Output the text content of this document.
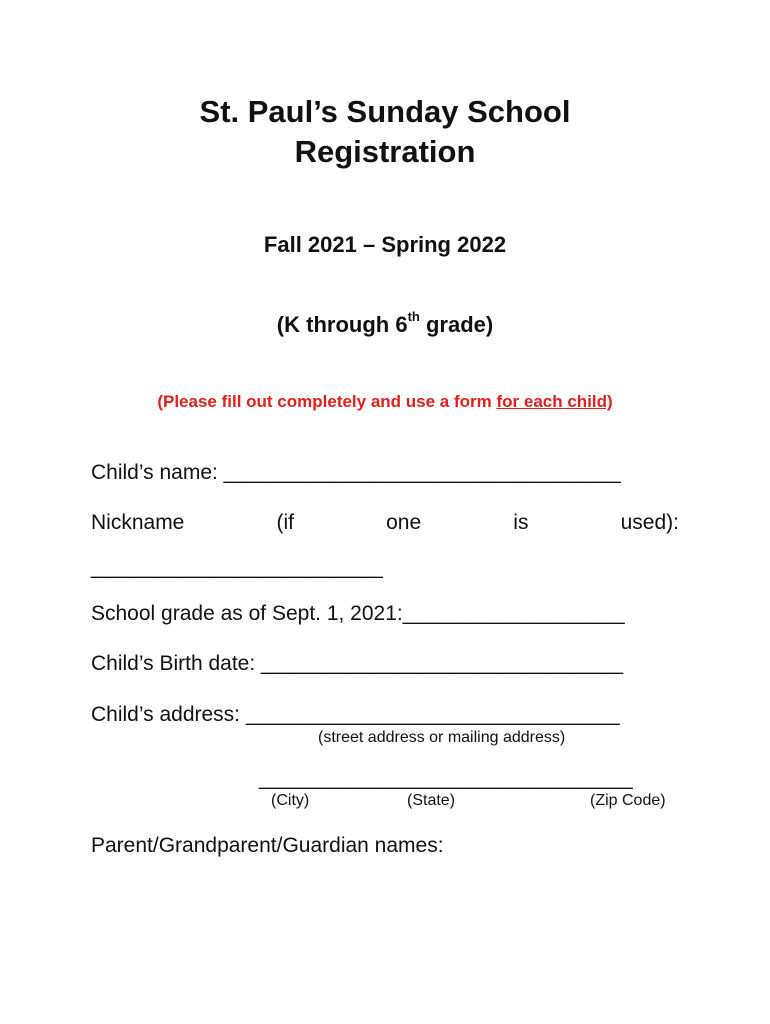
St. Paul’s Sunday School
Registration
Fall 2021 – Spring 2022
(K through 6th grade)
(Please fill out completely and use a form for each child)
Child’s name: __________________________________
Nickname	(if	one	is	used):
_________________________
School grade as of Sept. 1, 2021:___________________
Child’s Birth date: _______________________________
Child’s address: ________________________________
(street address or mailing address)
________________________________
(City)	(State)	(Zip Code)
Parent/Grandparent/Guardian names:
